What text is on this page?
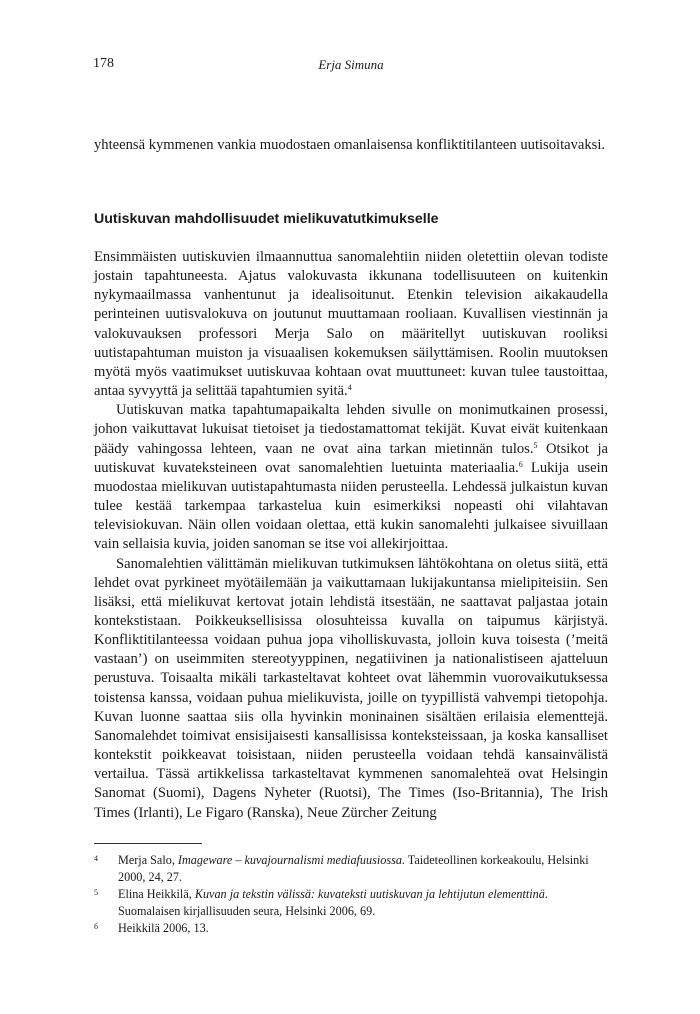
178	Erja Simuna

yhteensä kymmenen vankia muodostaen omanlaisensa konfliktitilanteen uutisoitavaksi.

Uutiskuvan mahdollisuudet mielikuvatutkimukselle

Ensimmäisten uutiskuvien ilmaannuttua sanomalehtiin niiden oletettiin olevan todiste jostain tapahtuneesta. Ajatus valokuvasta ikkunana todellisuuteen on kuitenkin nykymaailmassa vanhentunut ja idealisoitunut. Etenkin television aikakaudella perinteinen uutisvalokuva on joutunut muuttamaan rooliaan. Kuvallisen viestinnän ja valokuvauksen professori Merja Salo on määritellyt uutiskuvan rooliksi uutistapahtuman muiston ja visuaalisen kokemuksen säilyttämisen. Roolin muutoksen myötä myös vaatimukset uutiskuvaa kohtaan ovat muuttuneet: kuvan tulee taustoittaa, antaa syvyyttä ja selittää tapahtumien syitä.$^4$

Uutiskuvan matka tapahtumapaikalta lehden sivulle on monimutkainen prosessi, johon vaikuttavat lukuisat tietoiset ja tiedostamattomat tekijät. Kuvat eivät kuitenkaan päädy vahingossa lehteen, vaan ne ovat aina tarkan mietinnän tulos.$^5$ Otsikot ja uutiskuvat kuvateksteineen ovat sanomalehtien luetuinta materiaalia.$^6$ Lukija usein muodostaa mielikuvan uutistapahtumasta niiden perusteella. Lehdessä julkaistun kuvan tulee kestää tarkempaa tarkastelua kuin esimerkiksi nopeasti ohi vilahtavan televisiokuvan. Näin ollen voidaan olettaa, että kukin sanomalehti julkaisee sivuillaan vain sellaisia kuvia, joiden sanoman se itse voi allekirjoittaa.

Sanomalehtien välittämän mielikuvan tutkimuksen lähtökohtana on oletus siitä, että lehdet ovat pyrkineet myötäilemään ja vaikuttamaan lukijakuntansa mielipiteisiin. Sen lisäksi, että mielikuvat kertovat jotain lehdistä itsestään, ne saattavat paljastaa jotain kontekstistaan. Poikkeuksellisissa olosuhteissa kuvalla on taipumus kärjistyä. Konfliktitilanteessa voidaan puhua jopa viholliskuvasta, jolloin kuva toisesta (’meitä vastaan’) on useimmiten stereotyyppinen, negatiivinen ja nationalistiseen ajatteluun perustuva. Toisaalta mikäli tarkasteltavat kohteet ovat lähemmin vuorovaikutuksessa toistensa kanssa, voidaan puhua mielikuvista, joille on tyypillistä vahvempi tietopohja. Kuvan luonne saattaa siis olla hyvinkin moninainen sisältäen erilaisia elementtejä. Sanomalehdet toimivat ensisijaisesti kansallisissa konteksteissaan, ja koska kansalliset kontekstit poikkeavat toisistaan, niiden perusteella voidaan tehdä kansainvälistä vertailua. Tässä artikkelissa tarkasteltavat kymmenen sanomalehteä ovat Helsingin Sanomat (Suomi), Dagens Nyheter (Ruotsi), The Times (Iso-Britannia), The Irish Times (Irlanti), Le Figaro (Ranska), Neue Zürcher Zeitung

4 Merja Salo, Imageware – kuvajournalismi mediafuusiossa. Taideteollinen korkeakoulu, Helsinki 2000, 24, 27.
5 Elina Heikkilä, Kuvan ja tekstin välissä: kuvateksti uutiskuvan ja lehtijutun elementtinä. Suomalaisen kirjallisuuden seura, Helsinki 2006, 69.
6 Heikkilä 2006, 13.
